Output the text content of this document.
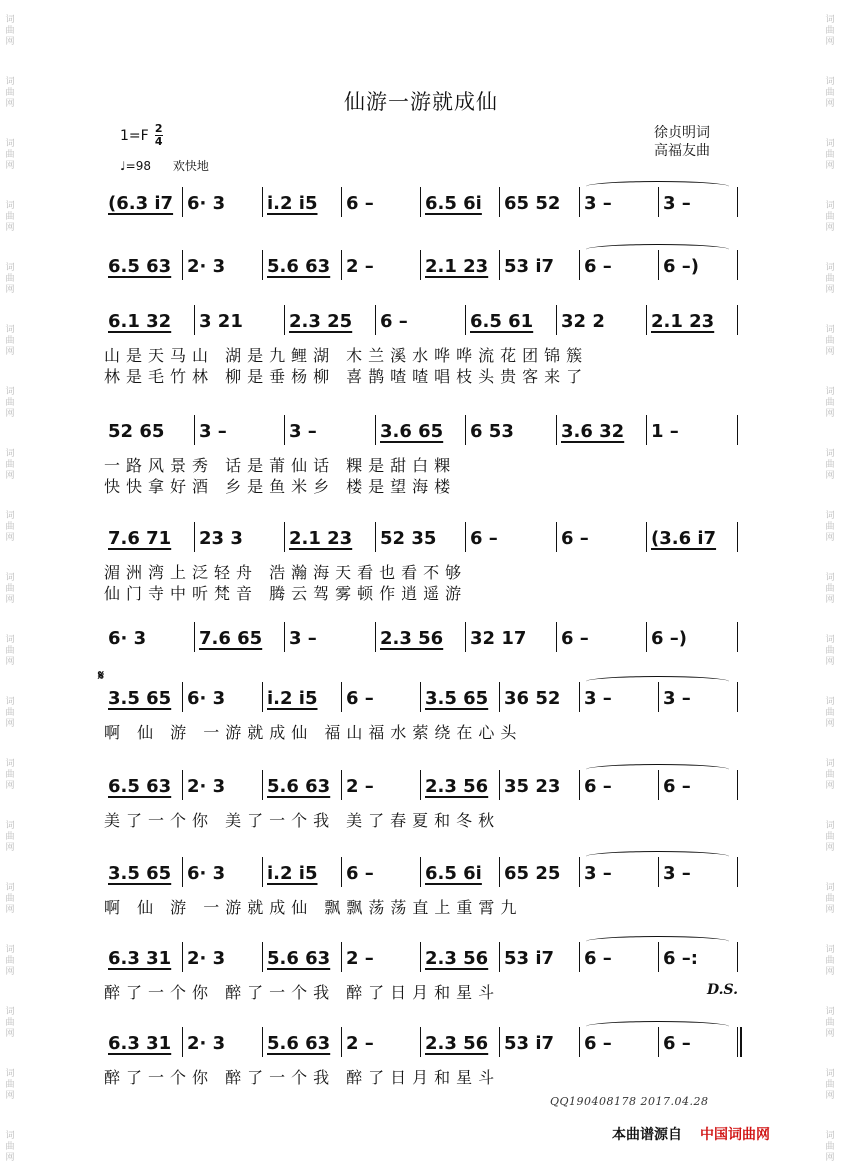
词
曲
网
词
曲
网
词
曲
网
词
曲
网
词
曲
网
词
曲
网
词
曲
网
词
曲
网
词
曲
网
词
曲
网
词
曲
网
词
曲
网
词
曲
网
词
曲
网
词
曲
网
词
曲
网
词
曲
网
词
曲
网
词
曲
网
词
曲
网
词
曲
网
词
曲
网
词
曲
网
词
曲
网
词
曲
网
词
曲
网
词
曲
网
词
曲
网
词
曲
网
词
曲
网
词
曲
网
词
曲
网
词
曲
网
词
曲
网
词
曲
网
词
曲
网
词
曲
网
词
曲
网
仙游一游就成仙
1=F 2
4
♩=98 欢快地
徐贞明词
高福友曲
𝄋
(6.3 i7 6· 3 i.2 i5 6 –	6.5 6i 65 52 3 –	3 –
6.5 63 2· 3 5.6 63 2 –	2.1 23 53 i7 6 –	6 –)
6.1 32 3 21	2.3 25 6 –	6.5 61 32 2	2.1 23
山是天马山 湖是九鲤湖 木兰溪水哗哗流花团锦簇
林是毛竹林 柳是垂杨柳 喜鹊喳喳唱枝头贵客来了
52 65 3 –	3 –	3.6 65 6 53	3.6 32 1 –
一路风景秀 话是莆仙话 粿是甜白粿
快快拿好酒 乡是鱼米乡 楼是望海楼
7.6 71 23 3	2.1 23 52 35 6 –	6 –	(3.6 i7
湄洲湾上泛轻舟 浩瀚海天看也看不够
仙门寺中听梵音 腾云驾雾顿作逍遥游
6· 3	7.6 65 3 –	2.3 56 32 17 6 –	6 –)
3.5 65 6· 3 i.2 i5 6 –	3.5 65 36 52 3 –	3 –
啊 仙 游 一游就成仙 福山福水萦绕在心头
6.5 63 2· 3 5.6 63 2 –	2.3 56 35 23 6 –	6 –
美了一个你 美了一个我 美了春夏和冬秋
3.5 65 6· 3 i.2 i5 6 –	6.5 6i 65 25 3 –	3 –
啊 仙 游 一游就成仙 飘飘荡荡直上重霄九
6.3 31 2· 3 5.6 63 2 –	2.3 56 53 i7 6 –	6 –:
醉了一个你 醉了一个我 醉了日月和星斗	D.S.
6.3 31 2· 3 5.6 63 2 –	2.3 56 53 i7 6 –	6 –
醉了一个你 醉了一个我 醉了日月和星斗
QQ190408178 2017.04.28
本曲谱源自 中国词曲网
